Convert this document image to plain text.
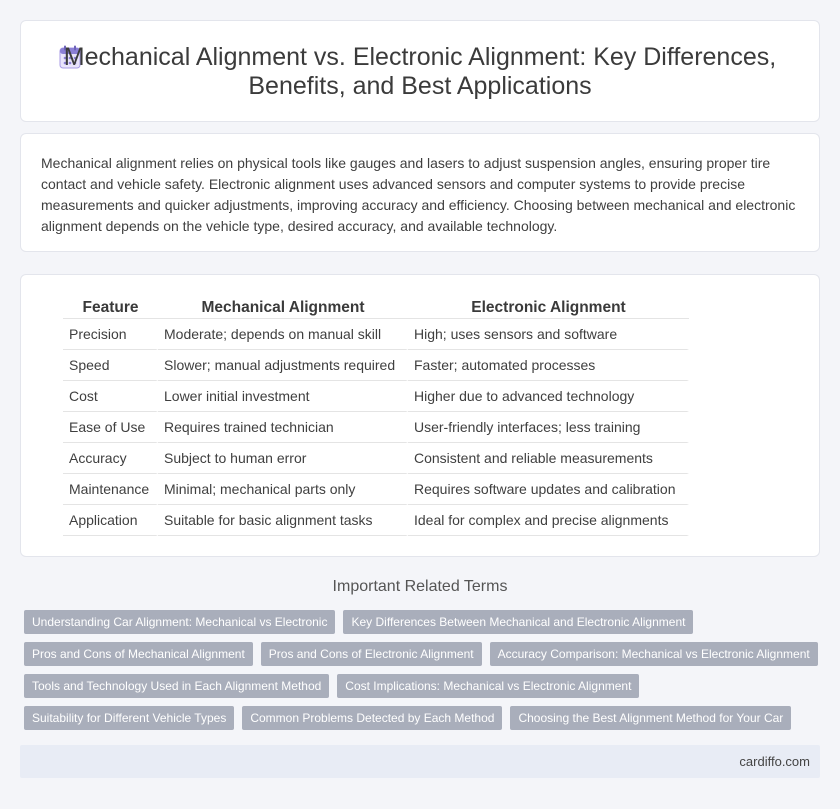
Mechanical Alignment vs. Electronic Alignment: Key Differences, Benefits, and Best Applications

Mechanical alignment relies on physical tools like gauges and lasers to adjust suspension angles, ensuring proper tire contact and vehicle safety. Electronic alignment uses advanced sensors and computer systems to provide precise measurements and quicker adjustments, improving accuracy and efficiency. Choosing between mechanical and electronic alignment depends on the vehicle type, desired accuracy, and available technology.

Feature	Mechanical Alignment	Electronic Alignment
Precision	Moderate; depends on manual skill	High; uses sensors and software
Speed	Slower; manual adjustments required	Faster; automated processes
Cost	Lower initial investment	Higher due to advanced technology
Ease of Use	Requires trained technician	User-friendly interfaces; less training
Accuracy	Subject to human error	Consistent and reliable measurements
Maintenance	Minimal; mechanical parts only	Requires software updates and calibration
Application	Suitable for basic alignment tasks	Ideal for complex and precise alignments
Important Related Terms
Understanding Car Alignment: Mechanical vs Electronic	Key Differences Between Mechanical and Electronic Alignment
Pros and Cons of Mechanical Alignment	Pros and Cons of Electronic Alignment	Accuracy Comparison: Mechanical vs Electronic Alignment
Tools and Technology Used in Each Alignment Method	Cost Implications: Mechanical vs Electronic Alignment
Suitability for Different Vehicle Types	Common Problems Detected by Each Method	Choosing the Best Alignment Method for Your Car
cardiffo.com
